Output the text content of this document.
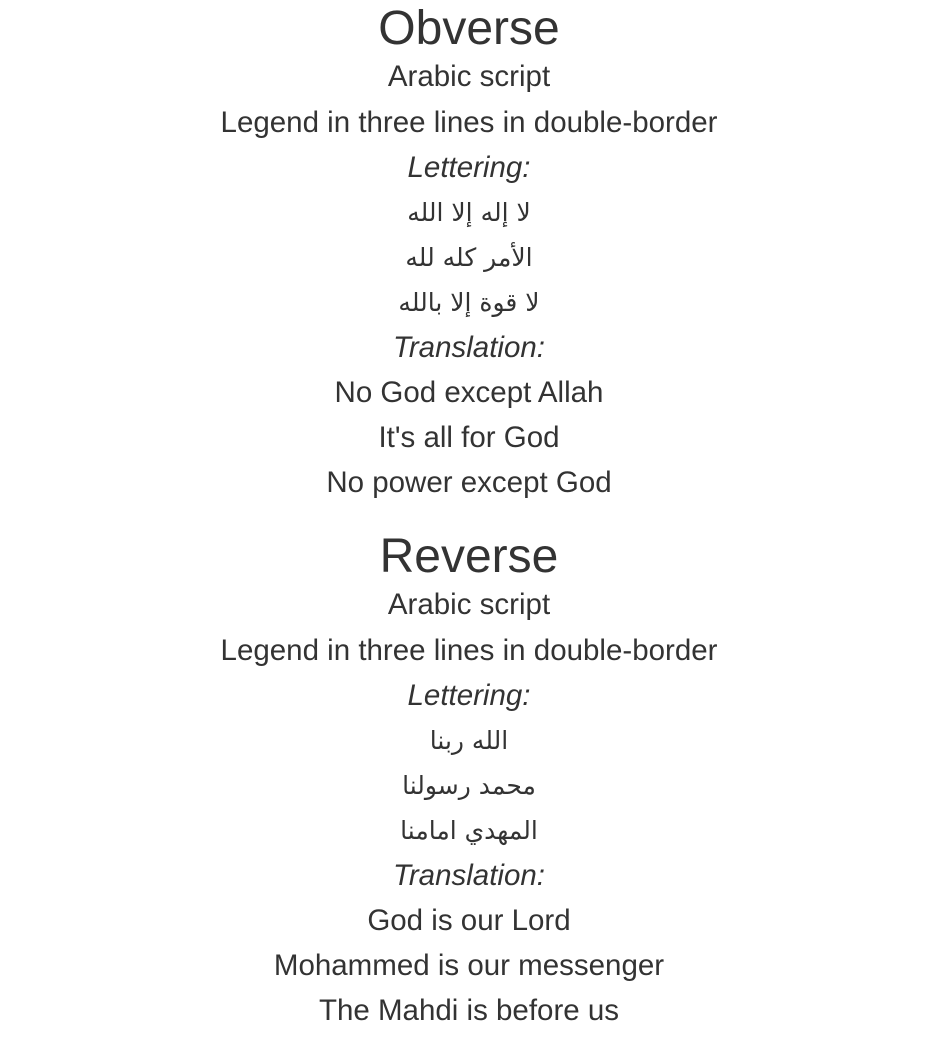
Obverse
Arabic script
Legend in three lines in double-border
Lettering:
لا إله إلا الله
الأمر كله لله
لا قوة إلا بالله
Translation:
No God except Allah
It's all for God
No power except God
Reverse
Arabic script
Legend in three lines in double-border
Lettering:
الله ربنا
محمد رسولنا
المهدي امامنا
Translation:
God is our Lord
Mohammed is our messenger
The Mahdi is before us
